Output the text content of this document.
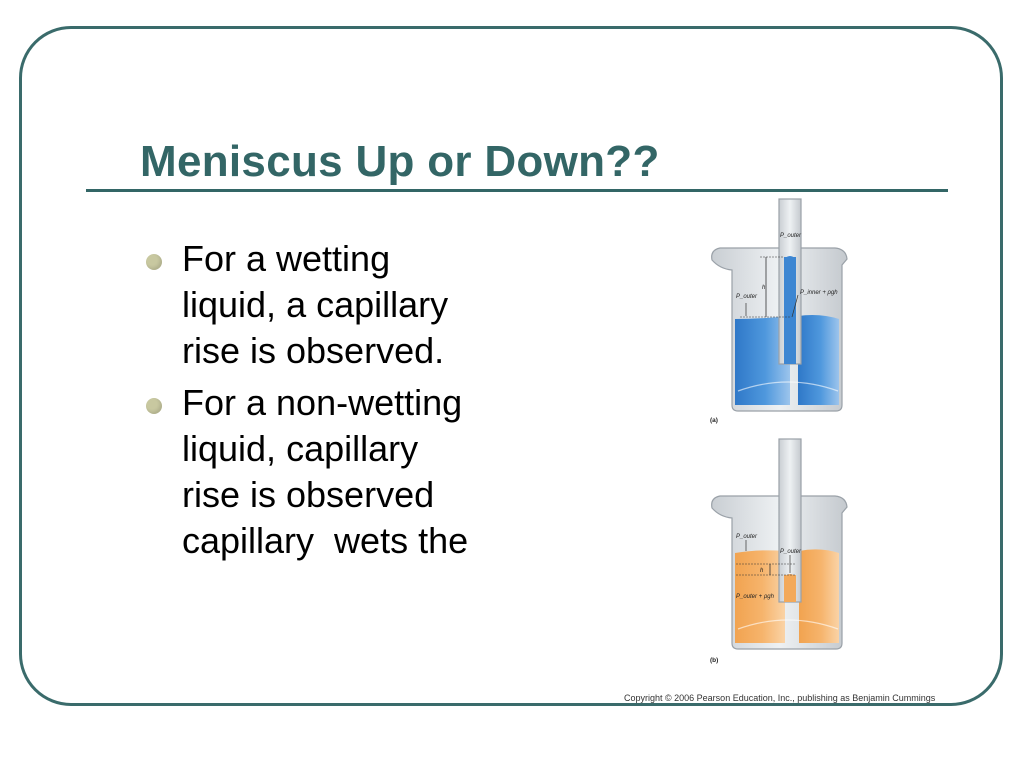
Meniscus Up or Down??
For a wetting
liquid, a capillary
rise is observed.
For a non-wetting
liquid, capillary
rise is observed
capillary  wets the
P_outer
h
P_outer
P_inner + ρgh
(a)
P_outer
P_outer
h
P_outer + ρgh
(b)
Copyright © 2006 Pearson Education, Inc., publishing as Benjamin Cummings
